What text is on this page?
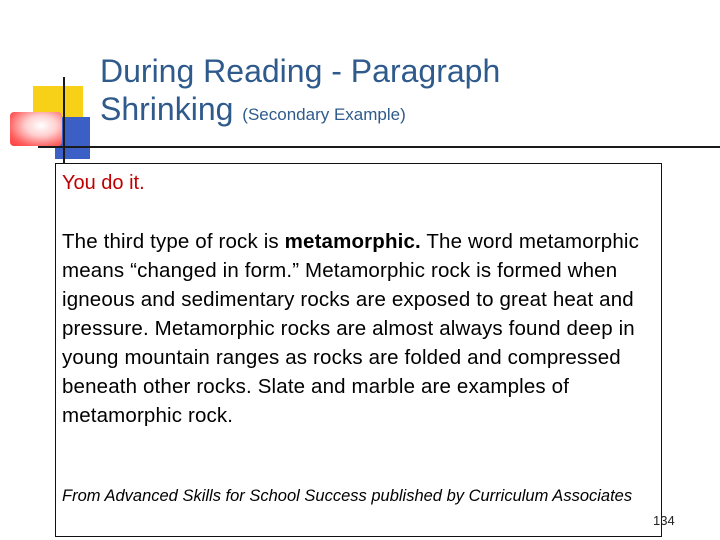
During Reading - Paragraph
Shrinking (Secondary Example)

You do it.

The third type of rock is metamorphic. The word metamorphic means “changed in form.” Metamorphic rock is formed when igneous and sedimentary rocks are exposed to great heat and pressure. Metamorphic rocks are almost always found deep in young mountain ranges as rocks are folded and compressed beneath other rocks. Slate and marble are examples of metamorphic rock.

From Advanced Skills for School Success published by Curriculum Associates

134
